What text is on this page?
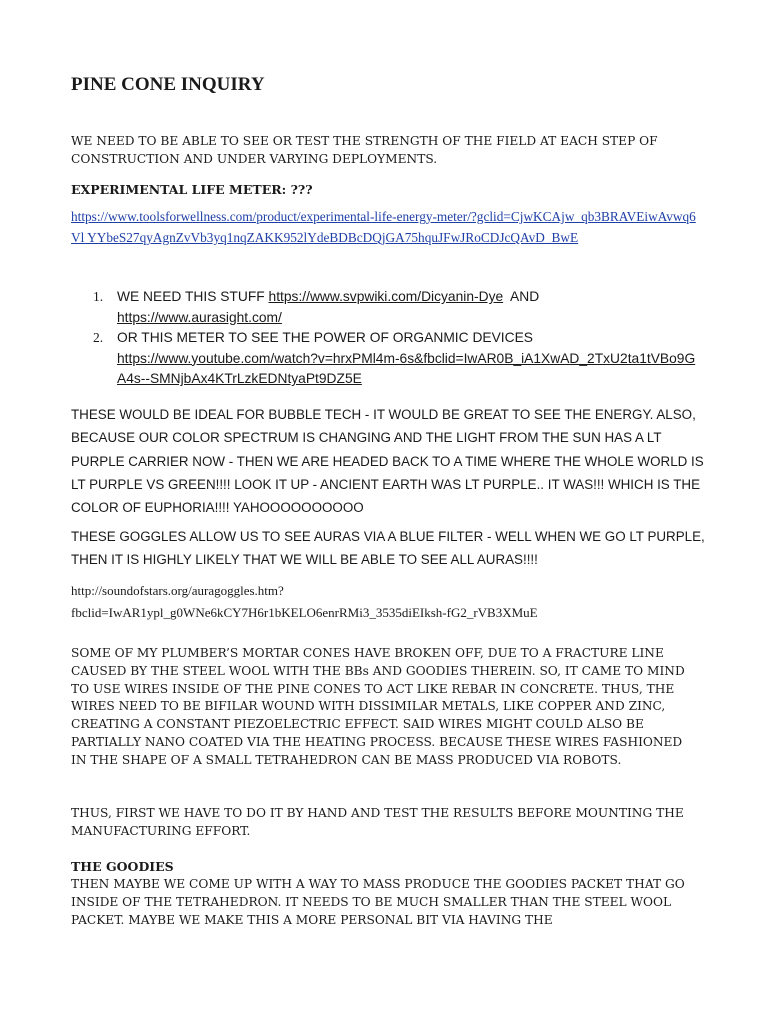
PINE CONE INQUIRY

WE NEED TO BE ABLE TO SEE OR TEST THE STRENGTH OF THE FIELD AT EACH STEP OF CONSTRUCTION AND UNDER VARYING DEPLOYMENTS.

EXPERIMENTAL LIFE METER: ???

https://www.toolsforwellness.com/product/experimental-life-energy-meter/?gclid=CjwKCAjw_qb3BRAVEiwAvwq6Vl YYbeS27qyAgnZvVb3yq1nqZAKK952lYdeBDBcDQjGA75hquJFwJRoCDJcQAvD_BwE
1. WE NEED THIS STUFF https://www.svpwiki.com/Dicyanin-Dye  AND
https://www.aurasight.com/
2. OR THIS METER TO SEE THE POWER OF ORGANMIC DEVICES
https://www.youtube.com/watch?v=hrxPMl4m-6s&fbclid=IwAR0B_iA1XwAD_2TxU2ta1tVBo9GA4s--SMNjbAx4KTrLzkEDNtyaPt9DZ5E

THESE WOULD BE IDEAL FOR BUBBLE TECH - IT WOULD BE GREAT TO SEE THE ENERGY. ALSO, BECAUSE OUR COLOR SPECTRUM IS CHANGING AND THE LIGHT FROM THE SUN HAS A LT PURPLE CARRIER NOW - THEN WE ARE HEADED BACK TO A TIME WHERE THE WHOLE WORLD IS LT PURPLE VS GREEN!!!! LOOK IT UP - ANCIENT EARTH WAS LT PURPLE.. IT WAS!!! WHICH IS THE COLOR OF EUPHORIA!!!! YAHOOOOOOOOOO

THESE GOGGLES ALLOW US TO SEE AURAS VIA A BLUE FILTER - WELL WHEN WE GO LT PURPLE, THEN IT IS HIGHLY LIKELY THAT WE WILL BE ABLE TO SEE ALL AURAS!!!!

http://soundofstars.org/auragoggles.htm?
fbclid=IwAR1ypl_g0WNe6kCY7H6r1bKELO6enrRMi3_3535diEIksh-fG2_rVB3XMuE

SOME OF MY PLUMBER’S MORTAR CONES HAVE BROKEN OFF, DUE TO A FRACTURE LINE CAUSED BY THE STEEL WOOL WITH THE BBs AND GOODIES THEREIN. SO, IT CAME TO MIND TO USE WIRES INSIDE OF THE PINE CONES TO ACT LIKE REBAR IN CONCRETE. THUS, THE WIRES NEED TO BE BIFILAR WOUND WITH DISSIMILAR METALS, LIKE COPPER AND ZINC, CREATING A CONSTANT PIEZOELECTRIC EFFECT. SAID WIRES MIGHT COULD ALSO BE PARTIALLY NANO COATED VIA THE HEATING PROCESS. BECAUSE THESE WIRES FASHIONED IN THE SHAPE OF A SMALL TETRAHEDRON CAN BE MASS PRODUCED VIA ROBOTS.

THUS, FIRST WE HAVE TO DO IT BY HAND AND TEST THE RESULTS BEFORE MOUNTING THE MANUFACTURING EFFORT.

THE GOODIES

THEN MAYBE WE COME UP WITH A WAY TO MASS PRODUCE THE GOODIES PACKET THAT GO INSIDE OF THE TETRAHEDRON. IT NEEDS TO BE MUCH SMALLER THAN THE STEEL WOOL PACKET. MAYBE WE MAKE THIS A MORE PERSONAL BIT VIA HAVING THE
